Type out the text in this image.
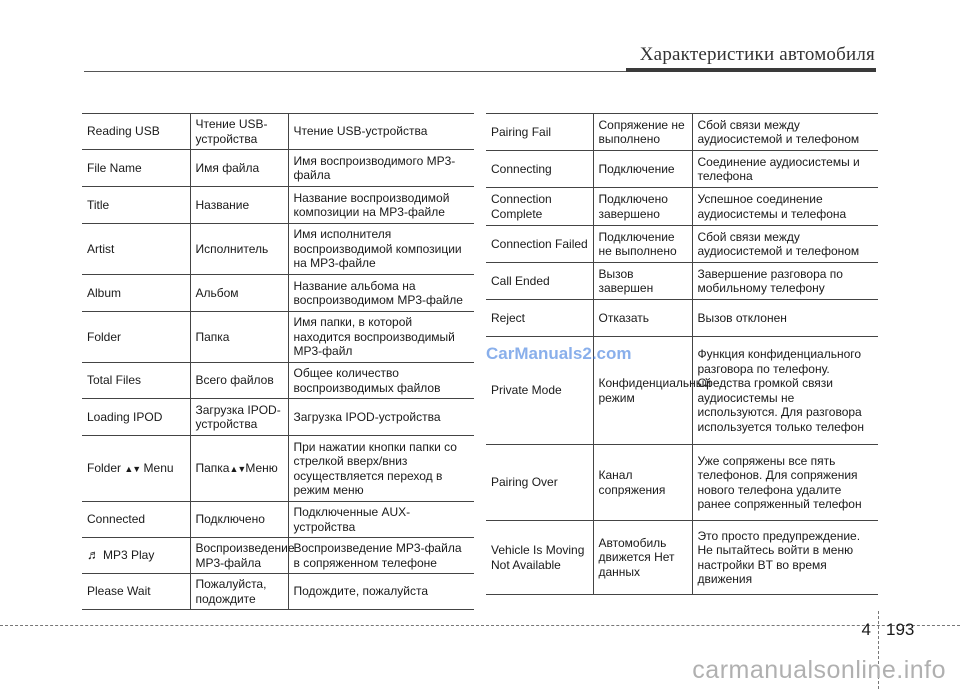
Характеристики автомобиля
Reading USB	Чтение USB-устройства	Чтение USB-устройства
File Name	Имя файла	Имя воспроизводимого MP3-файла
Title	Название	Название воспроизводимой композиции на MP3-файле
Artist	Исполнитель	Имя исполнителя воспроизводимой композиции на MP3-файле
Album	Альбом	Название альбома на воспроизводимом MP3-файле
Folder	Папка	Имя папки, в которой находится воспроизводимый MP3-файл
Total Files	Всего файлов	Общее количество воспроизводимых файлов
Loading IPOD	Загрузка IPOD-устройства	Загрузка IPOD-устройства
Folder ▲▼ Menu	Папка▲▼Меню	При нажатии кнопки папки со стрелкой вверх/вниз осуществляется переход в режим меню
Connected	Подключено	Подключенные AUX-устройства
♬ MP3 Play	Воспроизведение MP3-файла	Воспроизведение MP3-файла в сопряженном телефоне
Please Wait	Пожалуйста, подождите	Подождите, пожалуйста
Pairing Fail	Сопряжение не выполнено	Сбой связи между аудиосистемой и телефоном
Connecting	Подключение	Соединение аудиосистемы и телефона
Connection Complete	Подключено завершено	Успешное соединение аудиосистемы и телефона
Connection Failed	Подключение не выполнено	Сбой связи между аудиосистемой и телефоном
Call Ended	Вызов завершен	Завершение разговора по мобильному телефону
Reject	Отказать	Вызов отклонен
Private Mode	Конфиденциальный режим	Функция конфиденциального разговора по телефону. Средства громкой связи аудиосистемы не используются. Для разговора используется только телефон
Pairing Over	Канал сопряжения	Уже сопряжены все пять телефонов. Для сопряжения нового телефона удалите ранее сопряженный телефон
Vehicle Is Moving Not Available	Автомобиль движется Нет данных	Это просто предупреждение. Не пытайтесь войти в меню настройки BT во время движения
CarManuals2.com
4 193
carmanualsonline.info
